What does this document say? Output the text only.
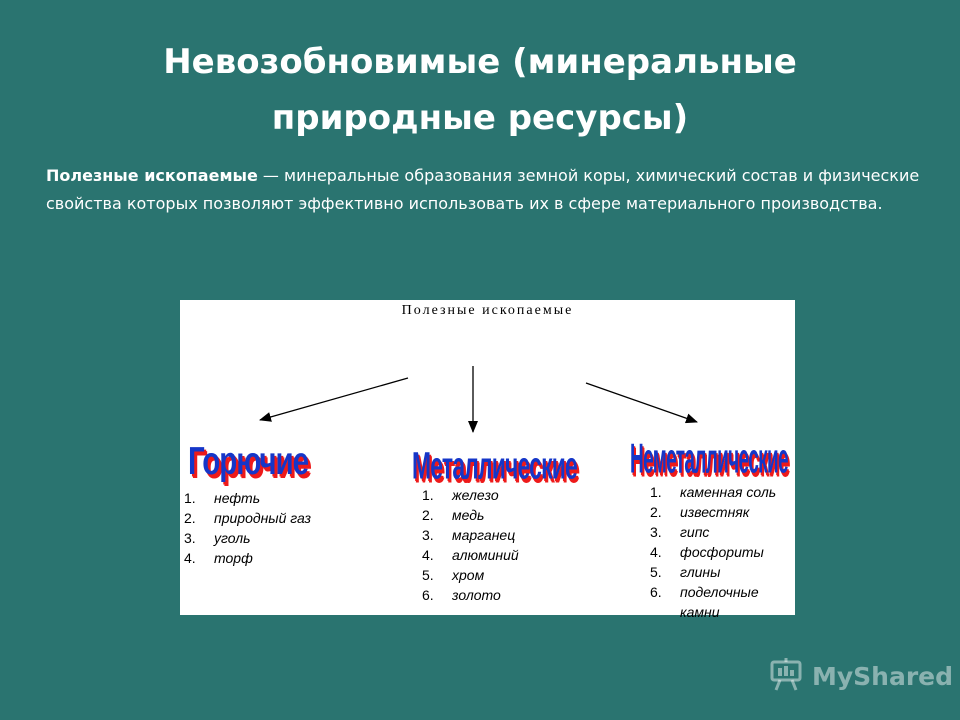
Невозобновимые (минеральные
природные ресурсы)
Полезные ископаемые — минеральные образования земной коры, химический состав и физические свойства которых позволяют эффективно использовать их в сфере материального производства.
Полезные ископаемые
Горючие	Металлические Неметаллические
1. нефть
2. природный газ
3. уголь
4. торф
1. железо
2. медь
3. марганец
4. алюминий
5. хром
6. золото
1. каменная соль
2. известняк
3. гипс
4. фосфориты
5. глины
6. поделочные камни
MyShared
